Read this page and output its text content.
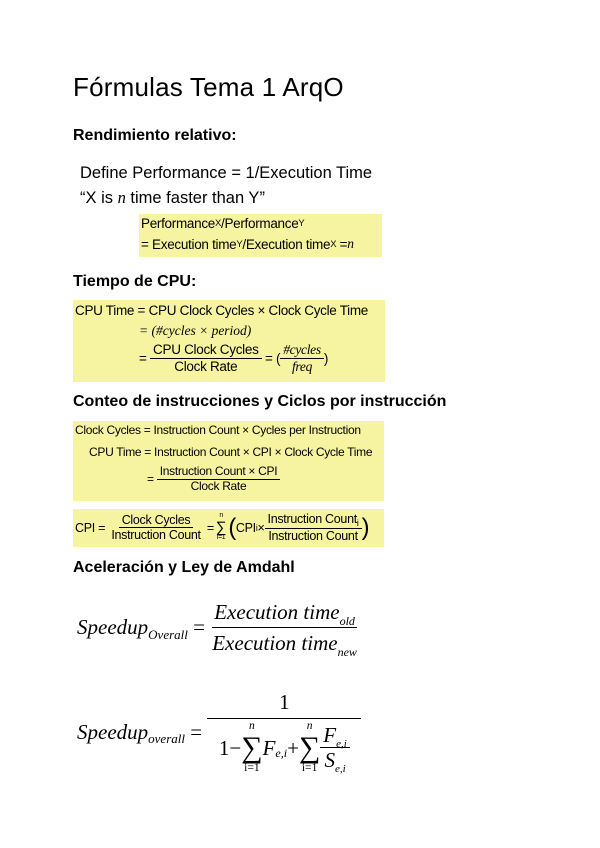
Fórmulas Tema 1 ArqO
Rendimiento relativo:
Define Performance = 1/Execution Time
“X is n time faster than Y”
Performance X / Performance Y
= Execution time Y / Execution time X
= n
Tiempo de CPU:
CPU Time = CPU Clock Cycles × Clock Cycle Time
= (#cycles × period)
=
$\frac{\text{CPU Clock Cycles}}{\text{Clock Rate}}$
= ( $\frac{\text{\#cycles}}{\text{freq}}$ )
Conteo de instrucciones y Ciclos por instrucción
Clock Cycles = Instruction Count × Cycles per Instruction
CPU Time = Instruction Count × CPI × Clock Cycle Time
=
$\frac{\text{Instruction Count × CPI}}{\text{Clock Rate}}$
CPI =
$\frac{\text{Clock Cycles}}{\text{Instruction Count}}$
=
n
∑
i=1 ( CPI $i \times \frac{Instruction Count_i}{\text{Instruction Count}}$ )
Aceleración y Ley de Amdahl
Speedup Overall
=
$\frac{Execution time_{old}}{Execution time_{new}}$
Speedup overall
=

1
1−
n
∑
i=1
F e,i +
n
∑
$i=1 \frac{F_{e,i}}{S_{e,i}}$
